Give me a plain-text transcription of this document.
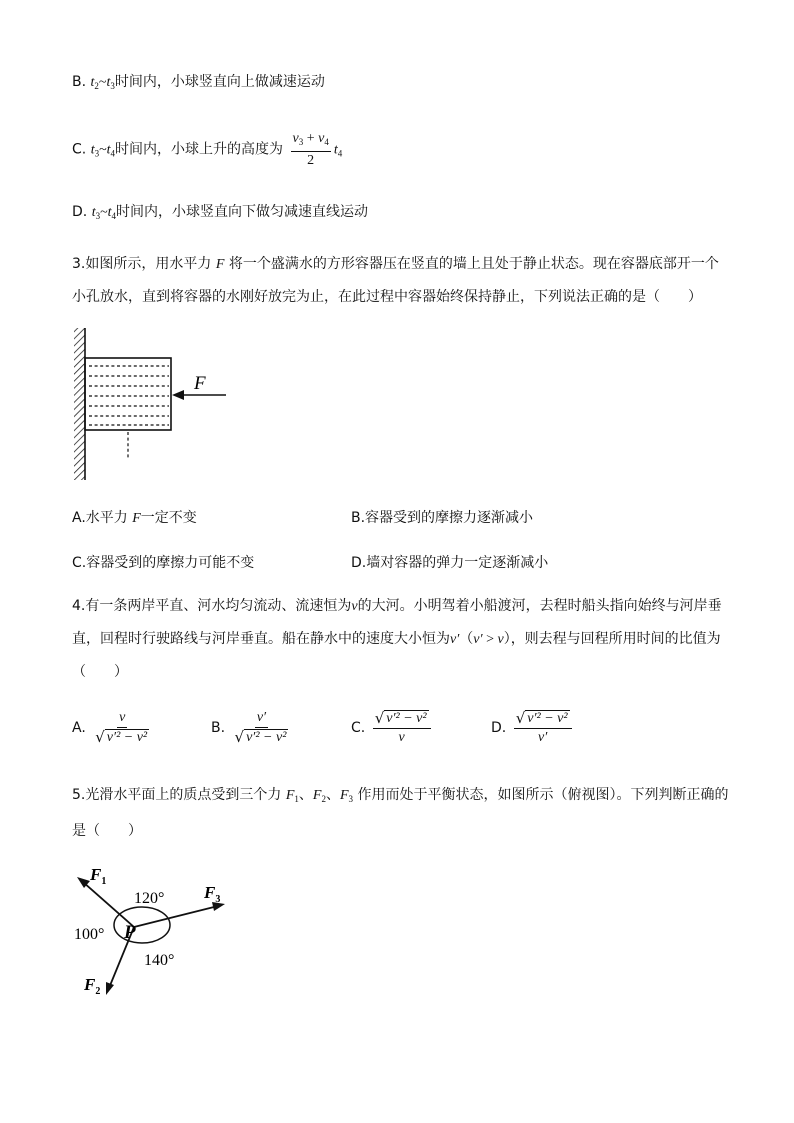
B. $t_2\sim t_3$时间内，小球竖直向上做减速运动
C. $t_3\sim t_4$时间内，小球上升的高度为 $\frac{v_3 + v_4}{2} t_4$
D. $t_3\sim t_4$时间内，小球竖直向下做匀减速直线运动
3.如图所示，用水平力 F 将一个盛满水的方形容器压在竖直的墙上且处于静止状态。现在容器底部开一个小孔放水，直到将容器的水刚好放完为止，在此过程中容器始终保持静止，下列说法正确的是（　　）
F
A.水平力 F一定不变	B.容器受到的摩擦力逐渐减小
C.容器受到的摩擦力可能不变	D.墙对容器的弹力一定逐渐减小
4.有一条两岸平直、河水均匀流动、流速恒为v的大河。小明驾着小船渡河，去程时船头指向始终与河岸垂直，回程时行驶路线与河岸垂直。船在静水中的速度大小恒为v′（v′ > v），则去程与回程所用时间的比值为（　　）
A. $\frac{v}{\text{√ v′² − v²}}$	B. $\frac{v'}{\text{√ v′² − v²}}$	C. $\frac{\text{√ v′² − v²}}{v}$	D. $\frac{\text{√ v′² − v²}}{v'}$
5.光滑水平面上的质点受到三个力 $F_1$、$F_2$、$F_3$ 作用而处于平衡状态，如图所示（俯视图）。下列判断正确的是（　　）
$F_1$
$F_3$
$F_2$
P
120°
100°
140°
